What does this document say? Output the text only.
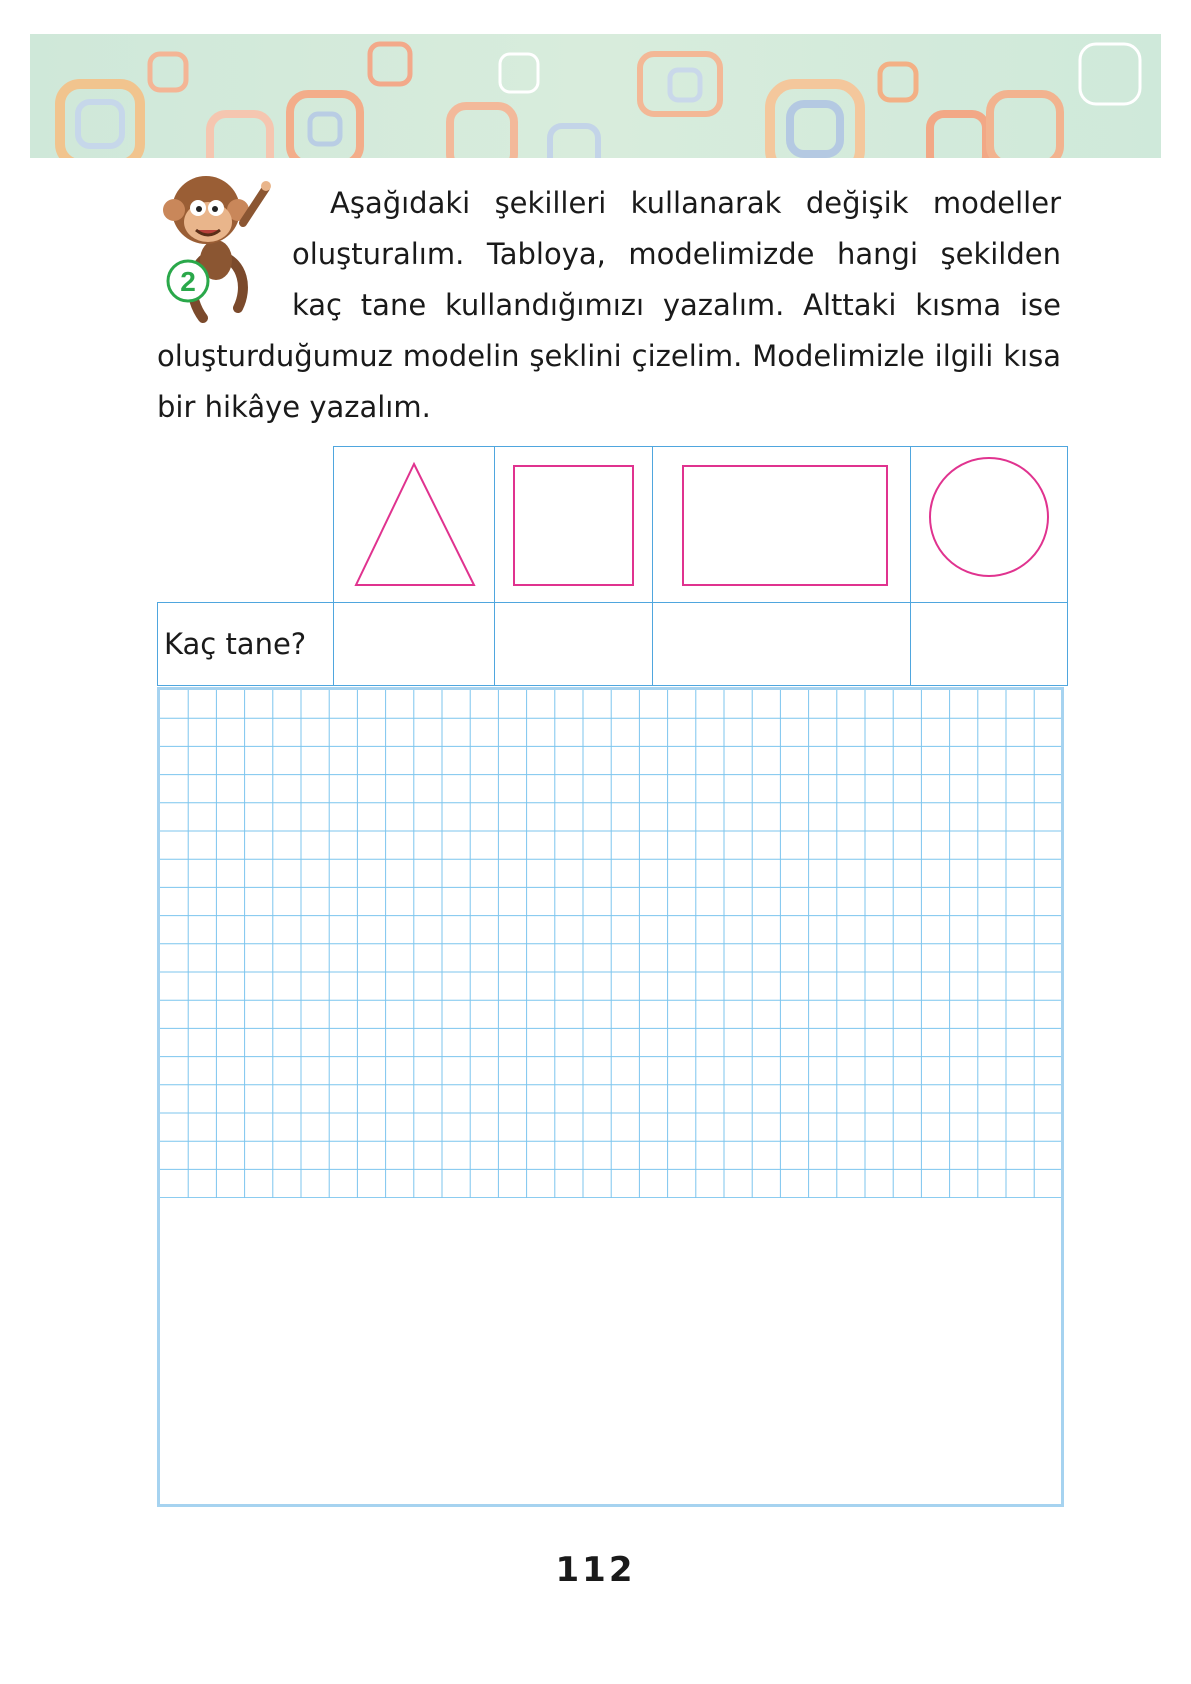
2

Aşağıdaki şekilleri kullanarak değişik modeller oluşturalım. Tabloya, modelimizde hangi şekilden kaç tane kullandığımızı yazalım. Alttaki kısma ise oluşturduğumuz modelin şeklini çizelim. Modelimizle ilgili kısa bir hikâye yazalım.

Kaç tane?				
112
